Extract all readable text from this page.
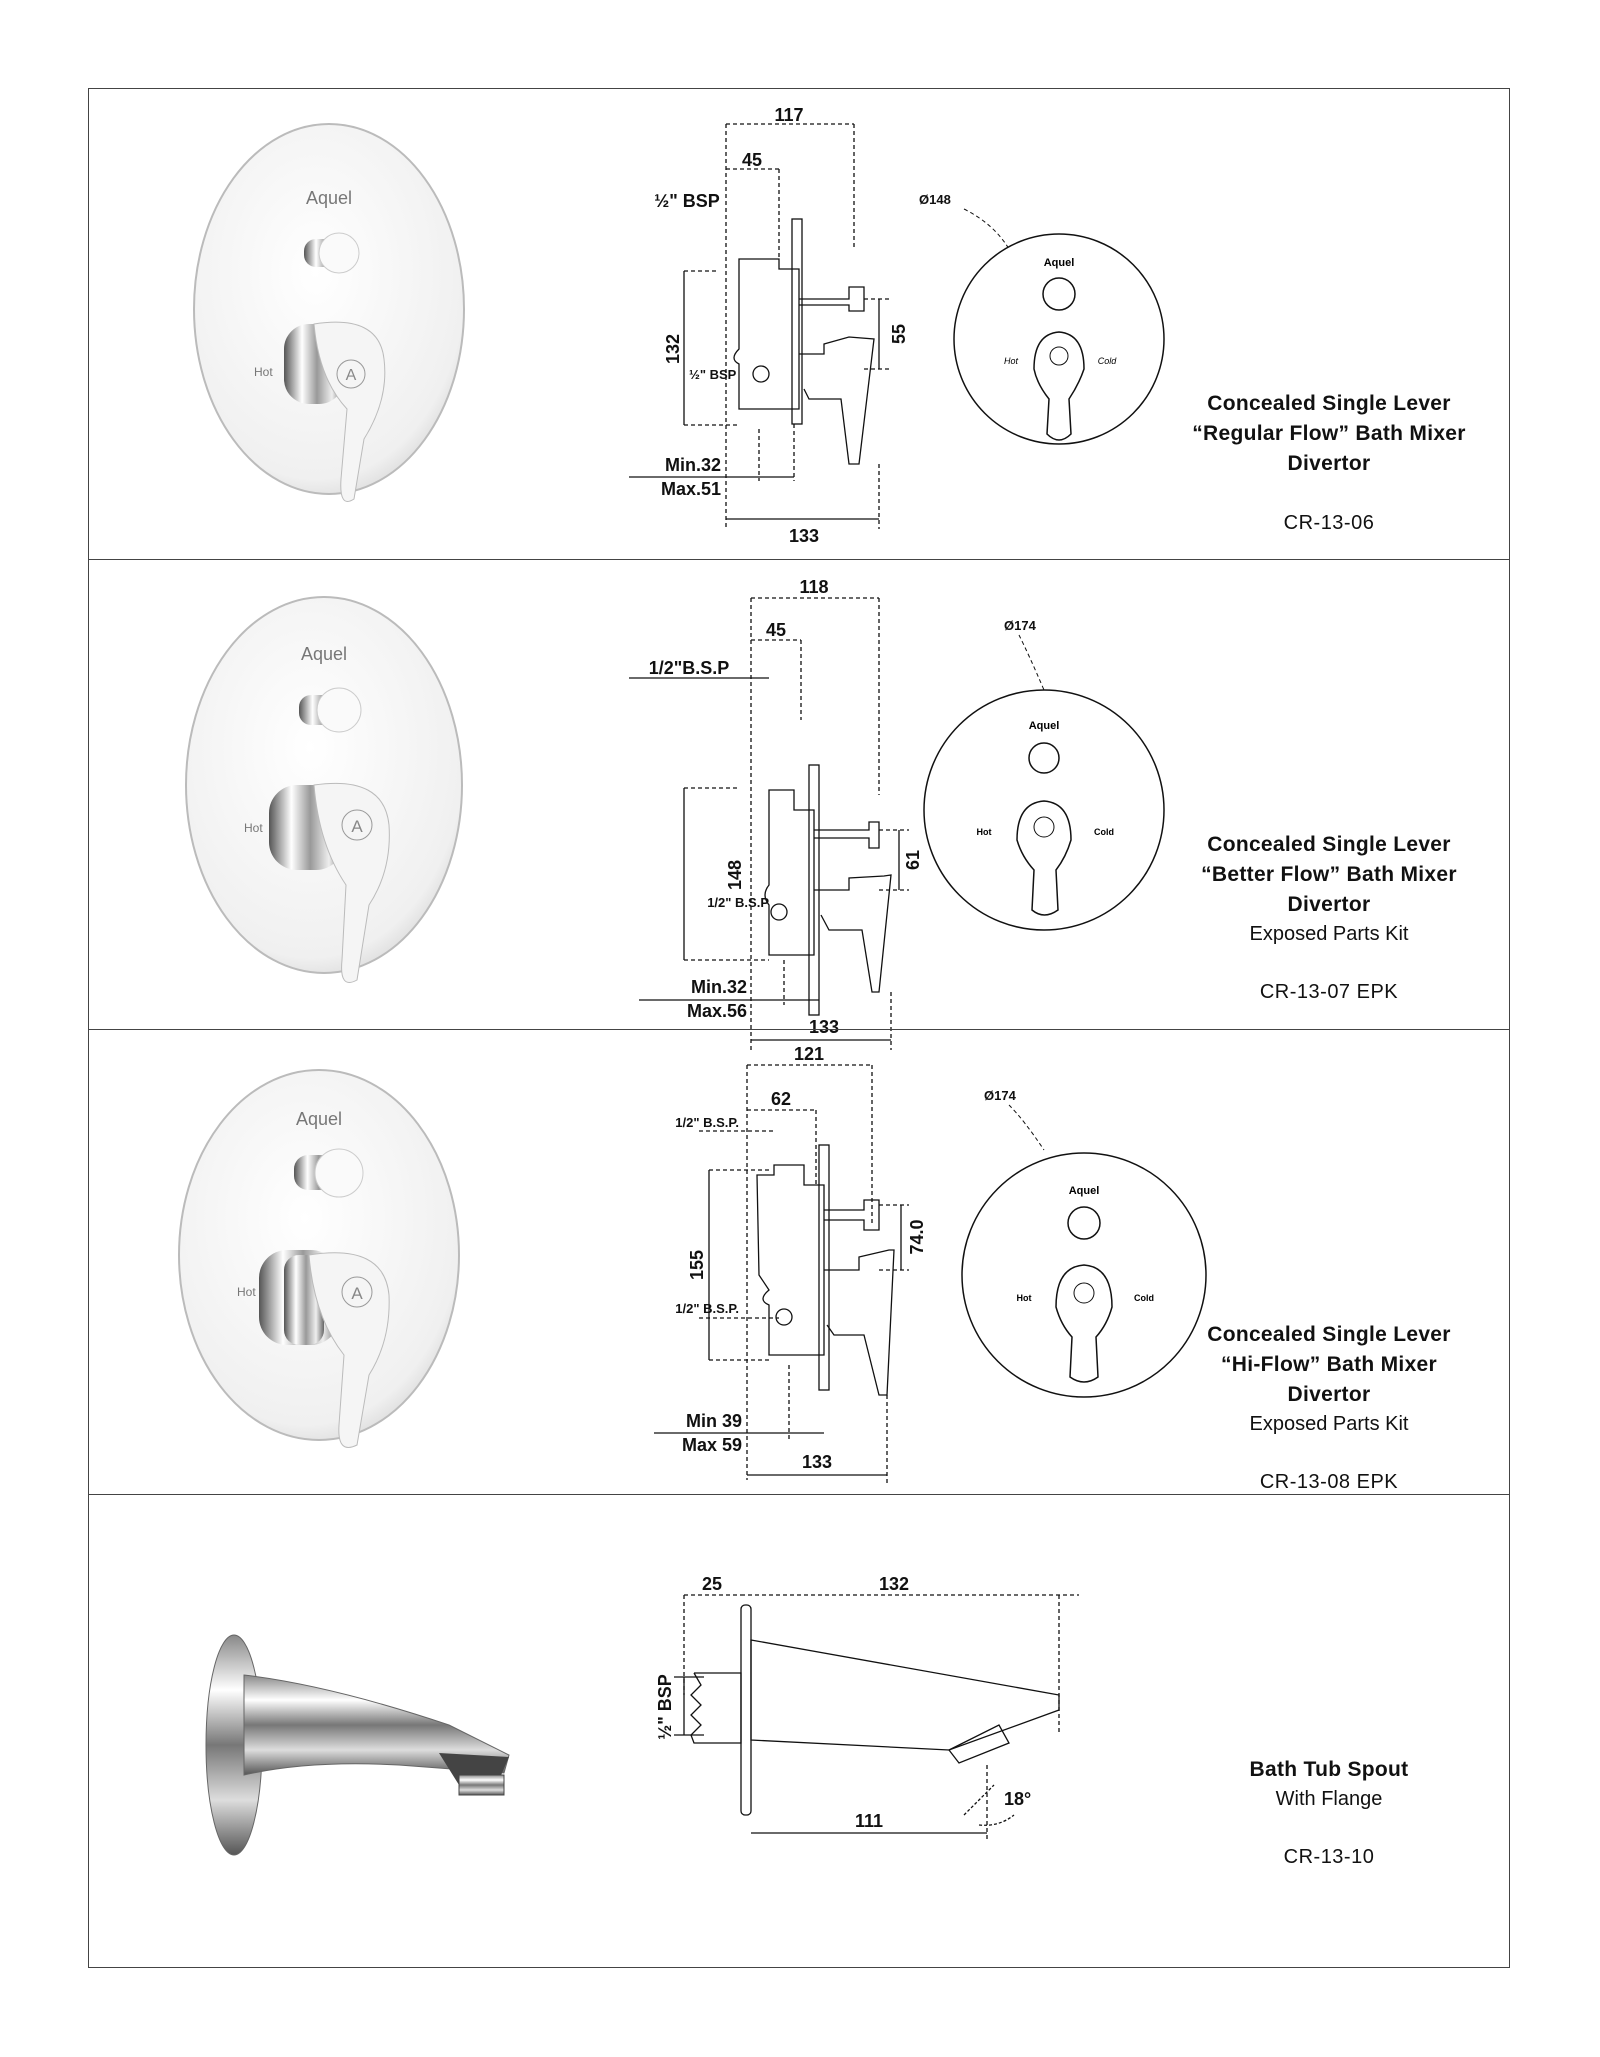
Aquel
A
Hot
117
45
½" BSP
132
½" BSP
55
Min.32
Max.51
133
Ø148
Aquel
Hot	Cold
Concealed Single Lever
“Regular Flow” Bath Mixer
Divertor
CR-13-06
Aquel
A
Hot
118
45
1/2"B.S.P
148
1/2" B.S.P
61
Min.32
Max.56
133
Ø174
Aquel
Hot	Cold
Concealed Single Lever
“Better Flow” Bath Mixer
Divertor
Exposed Parts Kit
CR-13-07 EPK
Aquel
A
Hot
121
62
1/2" B.S.P.
155
1/2" B.S.P.
74.0
Min 39
Max 59
133
Ø174
Aquel
Hot	Cold
Concealed Single Lever
“Hi-Flow” Bath Mixer Divertor
Exposed Parts Kit
CR-13-08 EPK
25	132
½" BSP
111
18°
Bath Tub Spout
With Flange
CR-13-10
